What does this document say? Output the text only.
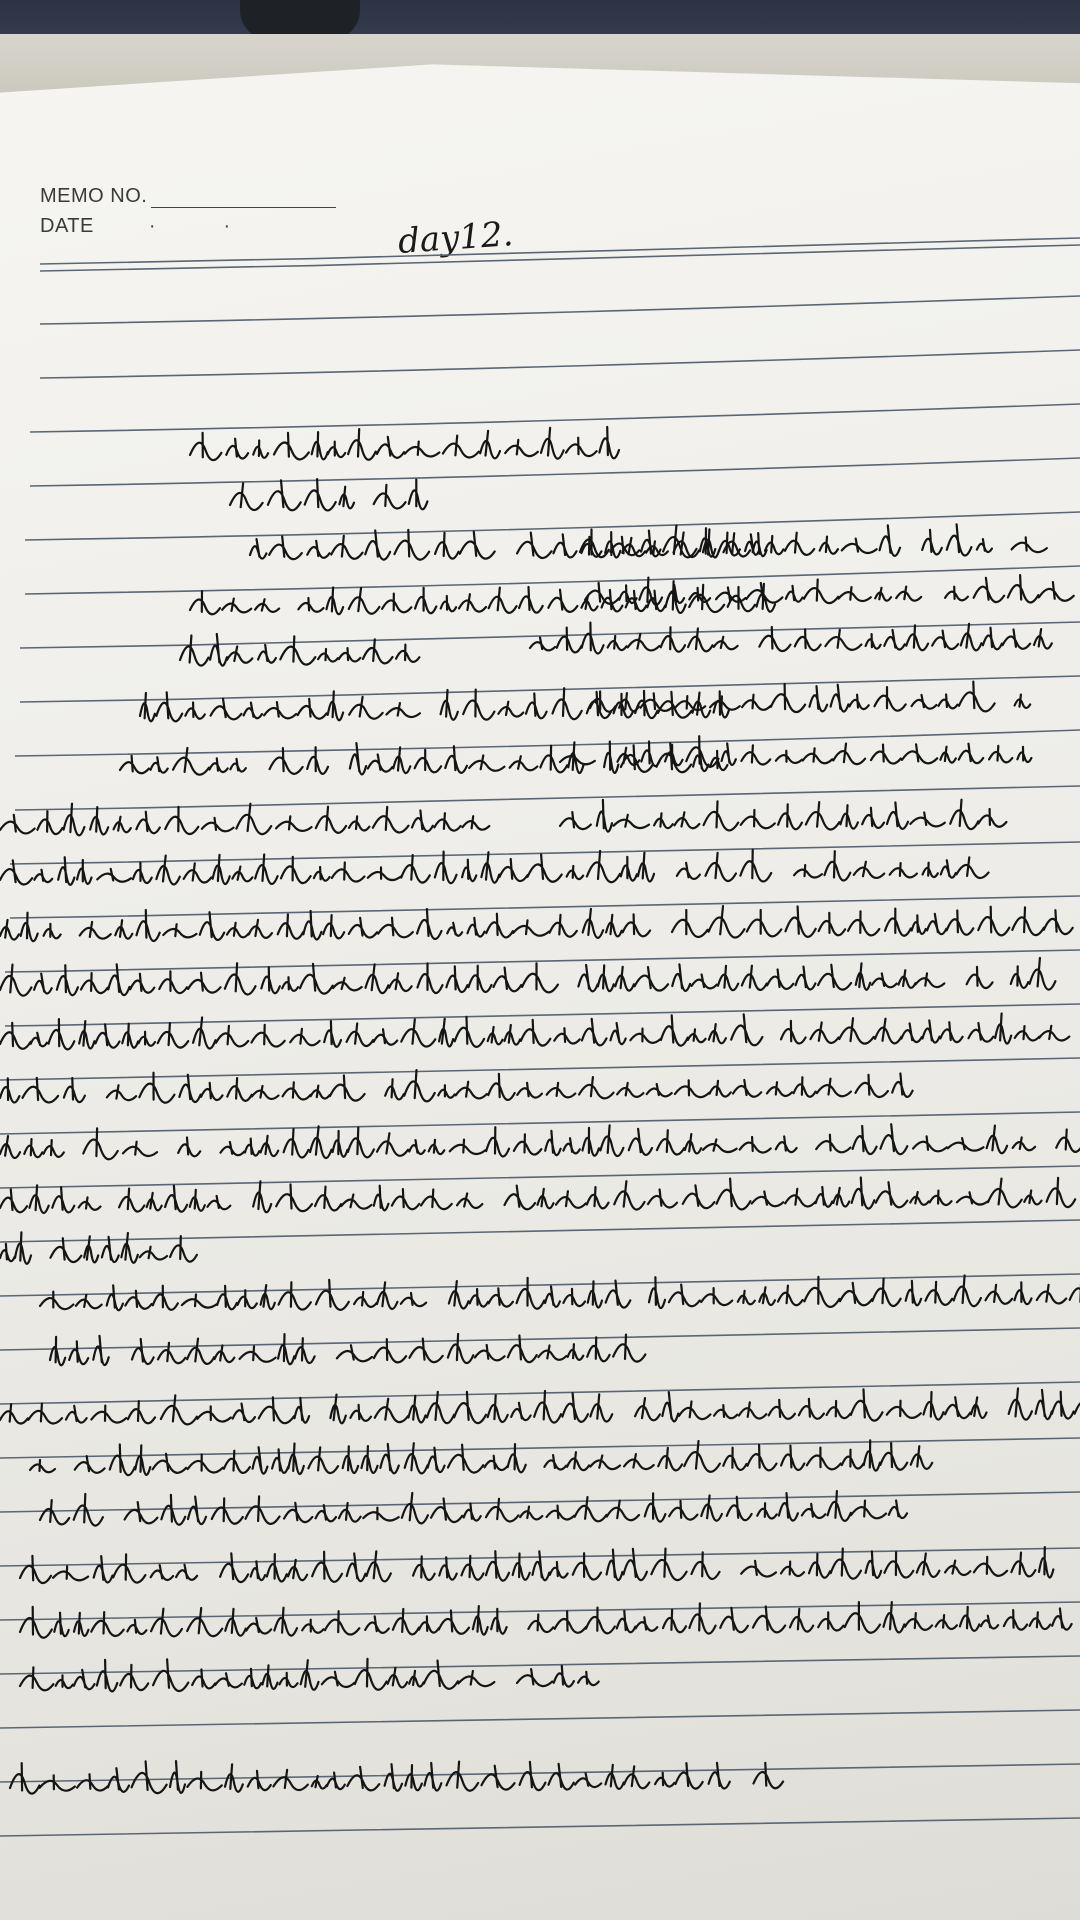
MEMO NO.
DATE	··	day12.
